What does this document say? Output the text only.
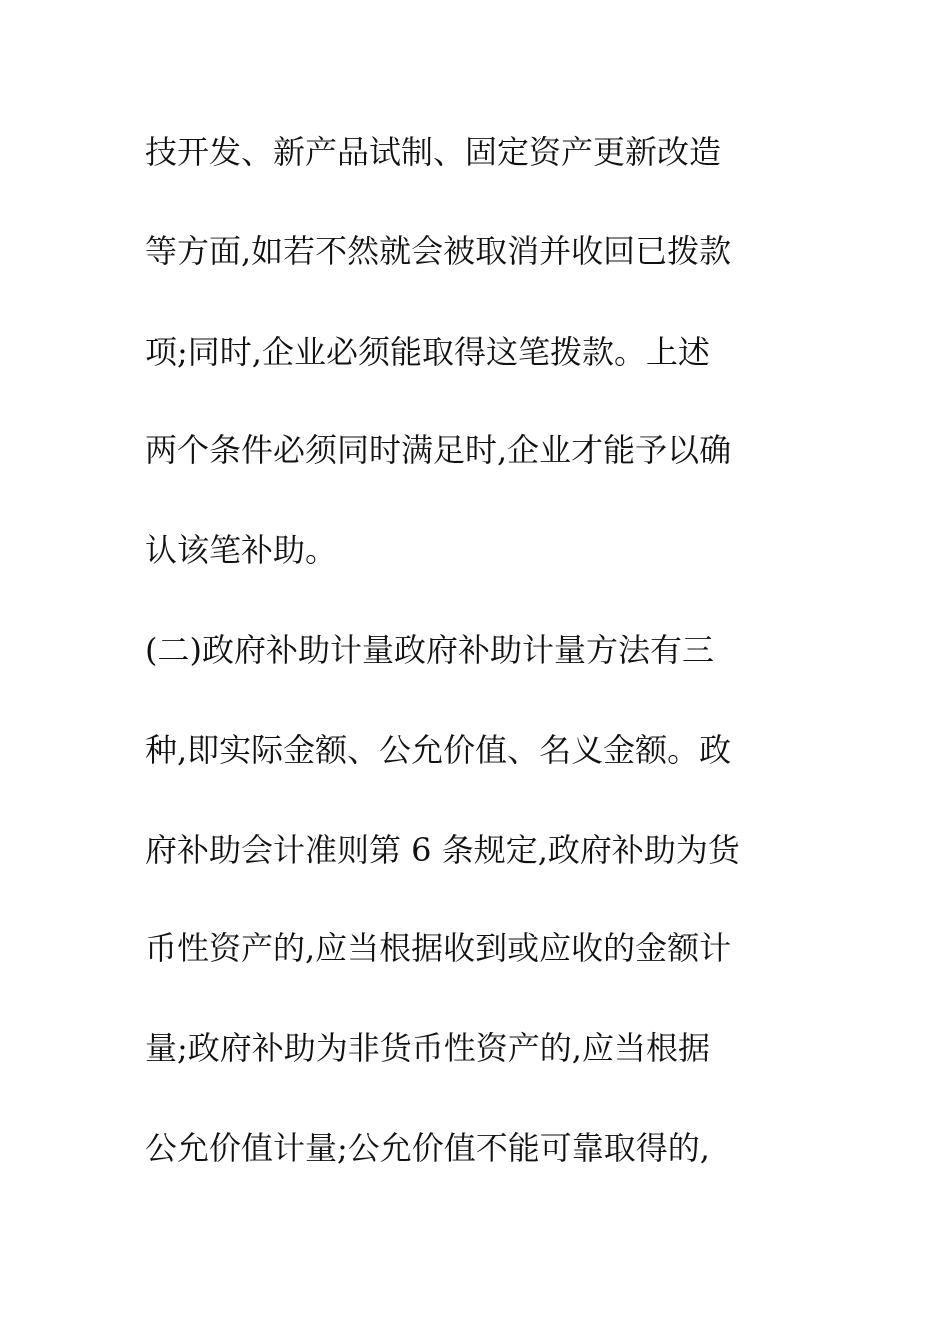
技开发、新产品试制、固定资产更新改造

等方面,如若不然就会被取消并收回已拨款

项;同时,企业必须能取得这笔拨款。上述

两个条件必须同时满足时,企业才能予以确

认该笔补助。

(二)政府补助计量政府补助计量方法有三

种,即实际金额、公允价值、名义金额。政

府补助会计准则第 6 条规定,政府补助为货

币性资产的,应当根据收到或应收的金额计

量;政府补助为非货币性资产的,应当根据

公允价值计量;公允价值不能可靠取得的,
